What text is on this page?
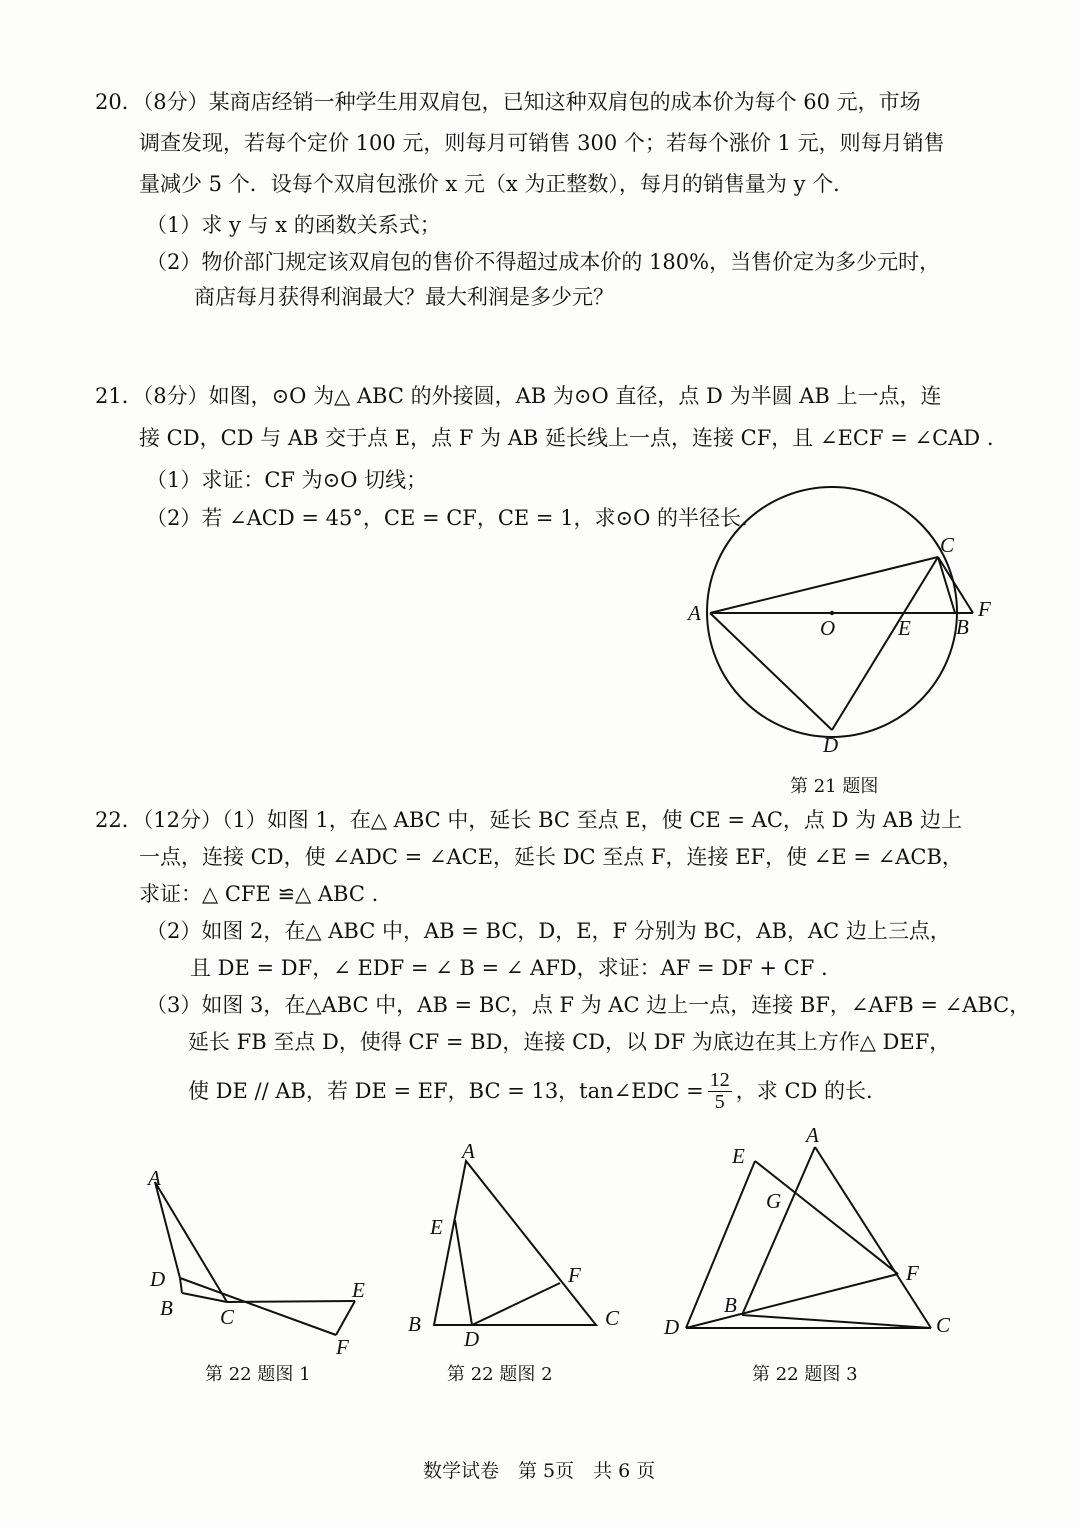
20．（8分）某商店经销一种学生用双肩包，已知这种双肩包的成本价为每个 60 元，市场
调查发现，若每个定价 100 元，则每月可销售 300 个；若每个涨价 1 元，则每月销售
量减少 5 个．设每个双肩包涨价 x 元（x 为正整数），每月的销售量为 y 个．
（1）求 y 与 x 的函数关系式；
（2）物价部门规定该双肩包的售价不得超过成本价的 180%，当售价定为多少元时，
商店每月获得利润最大？最大利润是多少元？
21．（8分）如图，⊙O 为△ ABC 的外接圆，AB 为⊙O 直径，点 D 为半圆 AB 上一点，连
接 CD，CD 与 AB 交于点 E，点 F 为 AB 延长线上一点，连接 CF，且 ∠ECF = ∠CAD .
（1）求证：CF 为⊙O 切线；
（2）若 ∠ACD = 45°，CE = CF，CE = 1，求⊙O 的半径长.
A
O	E B
F
C
D
第 21 题图
22．（12分）（1）如图 1，在△ ABC 中，延长 BC 至点 E，使 CE = AC，点 D 为 AB 边上
一点，连接 CD，使 ∠ADC = ∠ACE，延长 DC 至点 F，连接 EF，使 ∠E = ∠ACB，
求证：△ CFE ≌△ ABC .
（2）如图 2，在△ ABC 中，AB = BC，D，E，F 分别为 BC，AB，AC 边上三点，
且 DE = DF，∠ EDF = ∠ B = ∠ AFD，求证：AF = DF + CF .
（3）如图 3，在△ABC 中，AB = BC，点 F 为 AC 边上一点，连接 BF，∠AFB = ∠ABC，
延长 FB 至点 D，使得 CF = BD，连接 CD，以 DF 为底边在其上方作△ DEF，
使 DE // AB，若 DE = EF，BC = 13，tan∠EDC = $\frac{12}{5}$ ，求 CD 的长.
A
D
B C
E
F
第 22 题图 1
A
E
F
B
D
C
第 22 题图 2
A
E
G
F
B
D	C
第 22 题图 3
数学试卷　第 5页　共 6 页
